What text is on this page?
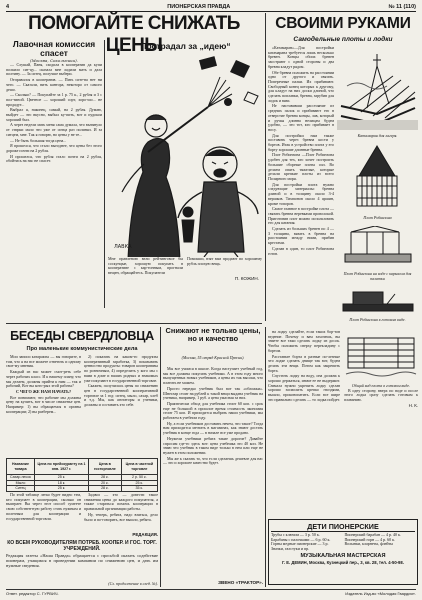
4	ПИОНЕРСКАЯ ПРАВДА	№ 11 (110)
ПОМОГАЙТЕ СНИЖАТЬ ЦЕНЫ
Лавочная комиссия спасет
(Москва, Сокольники).

— Слушай, Паня, сходила в кооператив да купи полкило сит-цу... сказала мне ладили мать и дала полтину. — За ситец, получше выбери.

Отправился в кооператив. — Пить сите-ва нет ни чего. — Сказали, вить кантора, некоторо от самого дешо.

— Сколько? — Покупайте за 1 р. 75 к., 2 рубля и 3 с пол-тиной. Цветное — хороший сорт, хоро-шо... не продадут...

Выбрал я, наконец, самый, на 2 рубля. Думаю, выйдет — это вкусно, выбыл ку-пить, вот и пудокои хороший был.

А через недели мать меня сама думала, что вытянуло от стирки мало что уже от ситца раз полинял. И за ситцем, мне. Так я говорю, но цены у не те...

— Не быть большая тогда цена...

Я прошелся, что стало выгоднее, что цены без этого дороже почти на 2 рубля.

И прошелся, что рубля стало почти на 2 рубля, обойтись на нас не спасет.

Пострадал за „идею“
ЛАВКА
Мне правленою вели рейтинговое бы соскунцые, хорошую покупать в кооперативе с кар-тонным, прогнали вещен, обращайтесь. Покупатели
Помокши, взят вам продают по хорошему рубль плохую вещь.
П. КОЖИН.
СВОИМИ РУКАМИ
Самодельные плоты и лодки

«Катамаран»—Для постройки катамарана требуется лишь несколько бревен. Концы обоих бревен заостряют с одной стороны и два бревна кладут рядом.

Обе бревна положить на расстоянии одно от другого и связать. Поперечные палки. Их прибивают. Свободный конец которых к другому, для кладут на них доски длиной, что сделать поплавки, бревна, зарубив для лодок и вязи.

Не наставивши расстояние из средних палок и прибивают его в отверстие бревна концы, лав, который и ручья длинна нелицам будем удобно, — это тот, кто прибивает в носу.

Для постройки нам также поставить через бревна кости у бортов. Итак в устройство плота у его борту хорошие длинные бревна.

Плот Робинзона —Плот Робинзона удобен для тех, кто хочет построить большие сборные плоты сил. Во делаем опять тяжелые, которые делали крепкие плоты из всего Полярного моря.

Для постройки плота нужно следующие материалы: бревна длиной и в толщину около 3-4 вершков. Тимпонов около 4 аршин, кроме топоров.

Самое главное в постройке плота — связать бревна веревками проволокой. Приготовив плот можно использовать его для катания.

Сделать из больших бревен по 4 — 3 толщина, вязать в бревна на расстоянии между ними, прибив крестами.

Сделав в один, то плот Робинзона готов.

Катамаран для лагеря.
Плот Робинзона
Плот Робинзона на воде с каркасом для палатки
Плот Робинзона в готовом виде.
БЕСЕДЫ СВЕРДЛОВЦА
Про маленькие коммунистические дела

Мои записи катаракты — вы говорите, в том, что я на все можете ответить и одному свое-му мнения.

Каждый из вас может смот-реть себе через рабочих класс. И к нашему плану, что мы делаем, должны прийти к ним — так и рабочий, Вот вы кото-рых этой работы?

С ЧЕГО ЖЕ НАМ НАЧАТЬ?

Все понимают, что рабочие мы должны цену на купить, вот в числе сниженье цен. Например: 1) вы обращаемся в органы кооперации; 2) вы разберем...

2) показать на каком-то продукты кооперативный заработка, 3) показывать ценностно продукты: товаров кооперативы по розничным, 4) определить у кого мы с вами в доме и ваших родных и знакомых уже покупают в государственной торговле.

Скажем, получилась цены по снижению цен в государственной кооперативной торговле за 1 год: ситец, мыло, сахар, хлеб и т.д. Мы, как агитаторы и ученики, должны и составить это себе.

Название товара	Цена по прейскуранту на 1 янв. 1927 г.	Цена в госторговле	Цена в частной торговле
Сахар-песок	25 к.	28 к.	2 р. 50 к.
Мыло	18 к.	20 к.	25 к.
Ситец	25 к.	28 к.	35 к.

По этой таблице легко будет видно тем, кто покупает в кооперации, сколько он выиграет. Вы через этот способ сумеете свою собствен-ную работу стать нужным и полезным для кооперации и государственной торговли.

Задачи — это — довести такое снижения цены до каждого покупателя, а также стараться помочь кооперации в правильной организации работы.

Ну, теперь, ребята, надо взяться, дело было и по-говорить, все вышло, ребята.

РЕДАКЦИЯ.
КО ВСЕМ РУКОВОДИТЕЛЯМ ПОТРЕБ. КООПЕР. И ГОС. ТОРГ. УЧРЕЖДЕНИЙ.
Редакция газеты «Наша Правда» обращается с просьбой оказать содействие пионерам, учащимся в проведении кампании по снижению цен, и дать им нужные сведения.
(Сл. продолжение в след. №).
Снижают не только цены, но и качество
(Москва, 55 отряд Красной Пресни).

Мы все учимся в школе. Когда наступает учебный год, мы все должны покупать учебники. А в этом году много выпущенных новых учебников, а цены их так высоки, что платить не можем.

Просто нередко учебник был вот так «обложки». Шнеглар стоит на рублей к такой вещи выдана учебник на ученика, например, 1 руб. а цена ужасная за них.

Практически обход для учебника стоит 60 коп. с срок еще не большой в прошлое время стоимость экономия стоит 75 коп. И приходится выбрать наши учебники, мы работаем в учебном году.

Ну, а если учебников доставить нечем, что такое? Тогда нам приходится мечтать в магазинах, как знают достать учебник в конце года — в начале все уже продано.

Неужели учебники ребята такие дорогие? Давайте спросим где-то здесь вот: цена учебника это 40 коп. Не знаю что учебник в таком виде только в нем или еще не нужен в этом положении.

Мы же к сказать то, что если сделаешь дешевле для нас — это и хорошее качество будет.

ЗВЕНО «ТРАКТОР».

на лодку сделайте, если таких бор-тов ведение. Почему и вам захочешь, вы знаете все таки сделать лодку из досок. Чтобы положить сверху перекладину с бортом.

Расставьте борта в разные по-лезные что лодке сделать днище так вот, будем делать эти вещи. Потом как закрепить борта.

Спустить лодку на воду, она должна к хорошо держаться, иначе ее не выдержит. Сначала нужно укрепить лодку сделав хорошо засмолить крепко гвоздями, вышло, проконопатить. Если все шире это правильно сделать — то лодка пойдет.

Общий вид плота в готовом виде.

В одну сторону, вверх по воде и после этого лодка сразу сделать готовым к плаванию.

Н. К.
ДЕТИ ПИОНЕРСКИЕ
Трубы с ключом — 3 р. 50 к.
Барабаны с палочками — 6 р. 60 к.
Горны медные пионерские — 3 р.
Значки, галстуки и пр.
Пионерский барабан — 4 р. 40 к.
Пионерский горн — 4 р. 60 к.
Волынки, кларнеты, флейты
МУЗЫКАЛЬНАЯ МАСТЕРСКАЯ
Г. Е. ДЕМИН, Москва, Кузнецкий пер., 3, кв. 28, тел. 4-50-98.
Ответ. редактор С. ГУРВИЧ.	Издатель Изд-во «Молодая Гвардия».
